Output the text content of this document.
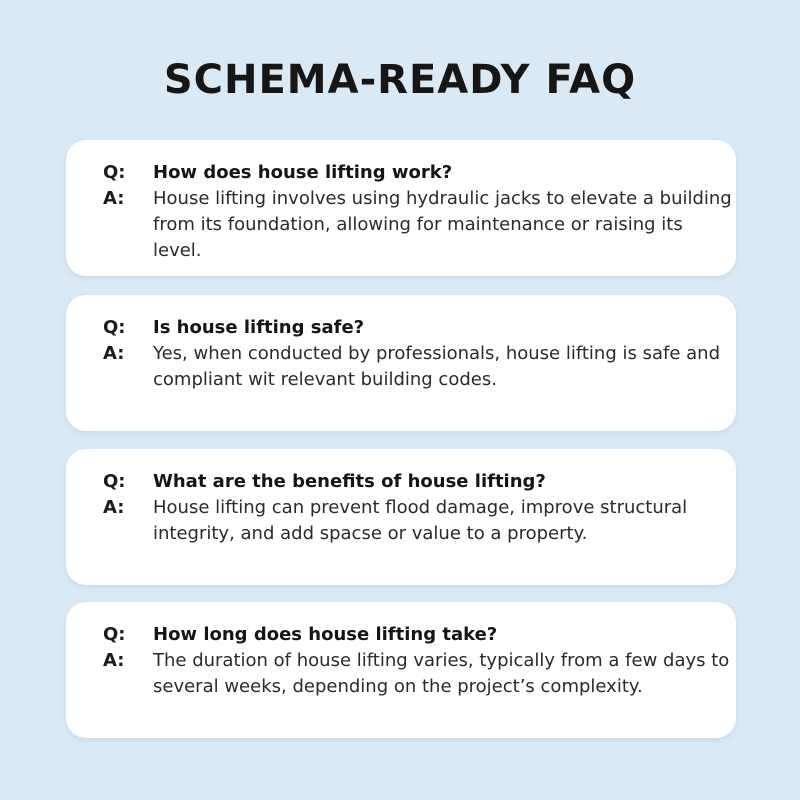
SCHEMA-READY FAQ
Q:	How does house lifting work?
A:	House lifting involves using hydraulic jacks to elevate a building from its foundation, allowing for maintenance or raising its level.
Q:	Is house lifting safe?
A:	Yes, when conducted by professionals, house lifting is safe and compliant wit relevant building codes.
Q:	What are the benefits of house lifting?
A:	House lifting can prevent flood damage, improve structural integrity, and add spacse or value to a property.
Q:	How long does house lifting take?
A:	The duration of house lifting varies, typically from a few days to several weeks, depending on the project’s complexity.
